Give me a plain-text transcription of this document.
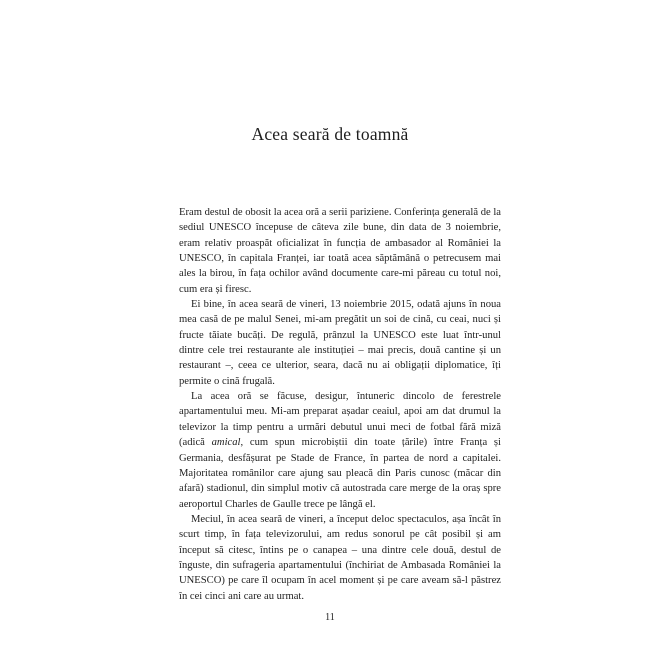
Acea seară de toamnă

Eram destul de obosit la acea oră a serii pariziene. Conferința generală de la sediul UNESCO începuse de câteva zile bune, din data de 3 noiembrie, eram relativ proaspăt oficializat în funcția de ambasador al României la UNESCO, în capitala Franței, iar toată acea săptămână o petrecusem mai ales la birou, în fața ochilor având documente care-mi păreau cu totul noi, cum era și firesc.

Ei bine, în acea seară de vineri, 13 noiembrie 2015, odată ajuns în noua mea casă de pe malul Senei, mi-am pregătit un soi de cină, cu ceai, nuci și fructe tăiate bucăți. De regulă, prânzul la UNESCO este luat într-unul dintre cele trei restaurante ale instituției – mai precis, două cantine și un restaurant –, ceea ce ulterior, seara, dacă nu ai obligații diplomatice, îți permite o cină frugală.

La acea oră se făcuse, desigur, întuneric dincolo de ferestrele apartamentului meu. Mi-am preparat așadar ceaiul, apoi am dat drumul la televizor la timp pentru a urmări debutul unui meci de fotbal fără miză (adică amical, cum spun microbiștii din toate țările) între Franța și Germania, desfășurat pe Stade de France, în partea de nord a capitalei. Majoritatea românilor care ajung sau pleacă din Paris cunosc (măcar din afară) stadionul, din simplul motiv că autostrada care merge de la oraș spre aeroportul Charles de Gaulle trece pe lângă el.

Meciul, în acea seară de vineri, a început deloc spectaculos, așa încât în scurt timp, în fața televizorului, am redus sonorul pe cât posibil și am început să citesc, întins pe o canapea – una dintre cele două, destul de înguste, din sufrageria apartamentului (închiriat de Ambasada României la UNESCO) pe care îl ocupam în acel moment și pe care aveam să-l păstrez în cei cinci ani care au urmat.

11
